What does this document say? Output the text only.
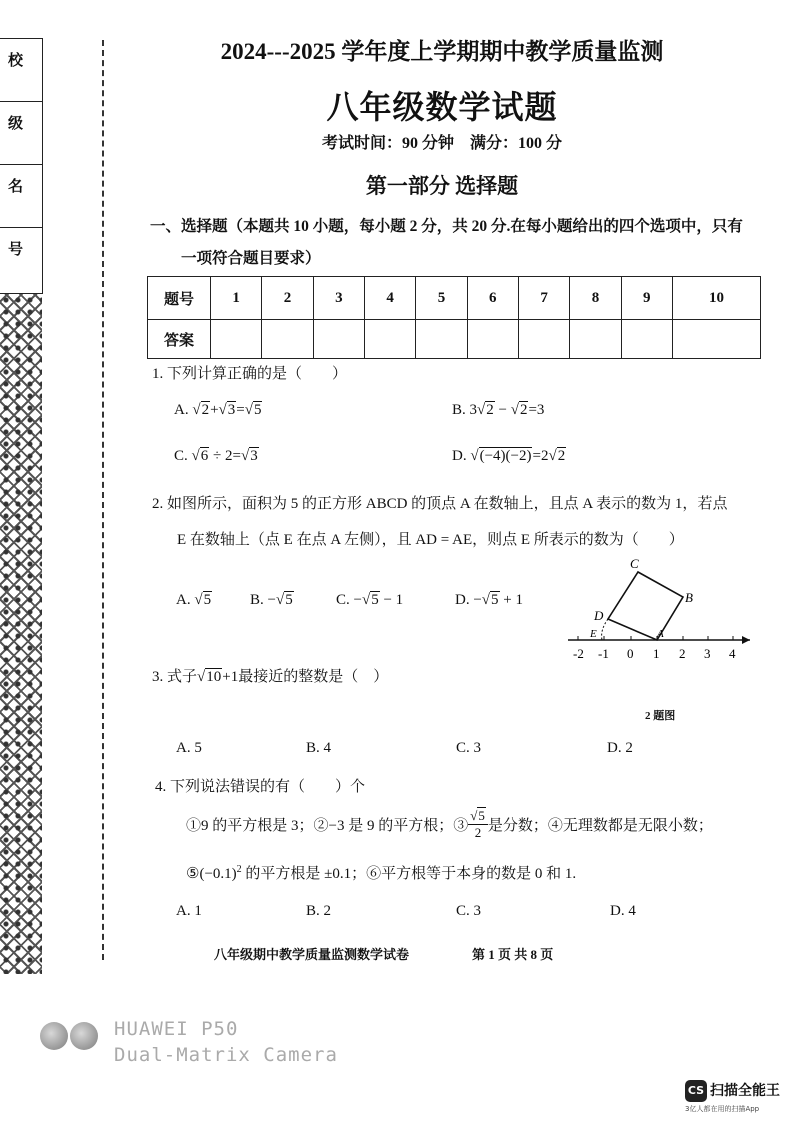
校
级
名
号
2024---2025 学年度上学期期中教学质量监测
八年级数学试题
考试时间：90 分钟　满分：100 分
第一部分 选择题
一、选择题（本题共 10 小题，每小题 2 分，共 20 分.在每小题给出的四个选项中，只有
一项符合题目要求）
题号	1	2	3	4	5	6	7	8	9	10
答案										
1. 下列计算正确的是（　　）
A. √2+√3=√5	B. 3√2 − √2=3
C. √6 ÷ 2=√3	D. √(−4)(−2)=2√2
2. 如图所示，面积为 5 的正方形 ABCD 的顶点 A 在数轴上，且点 A 表示的数为 1，若点
E 在数轴上（点 E 在点 A 左侧），且 AD = AE，则点 E 所表示的数为（　　）
A. √5	B. −√5	C. −√5 − 1	D. −√5 + 1
-2 -1 0 1 2 3 4
C
B
D
A
E
3. 式子√10+1最接近的整数是（　）
2 题图
A. 5	B. 4	C. 3	D. 2
4. 下列说法错误的有（　　）个
①9 的平方根是 3；②−3 是 9 的平方根；③ $\frac{√5}{2}$ 是分数；④无理数都是无限小数；
$⑤(-0.1)^2$ 的平方根是 ±0.1；⑥平方根等于本身的数是 0 和 1.
A. 1	B. 2	C. 3	D. 4
八年级期中教学质量监测数学试卷	第 1 页 共 8 页
HUAWEI P50
Dual-Matrix Camera
CS 扫描全能王
3亿人都在用的扫描App
